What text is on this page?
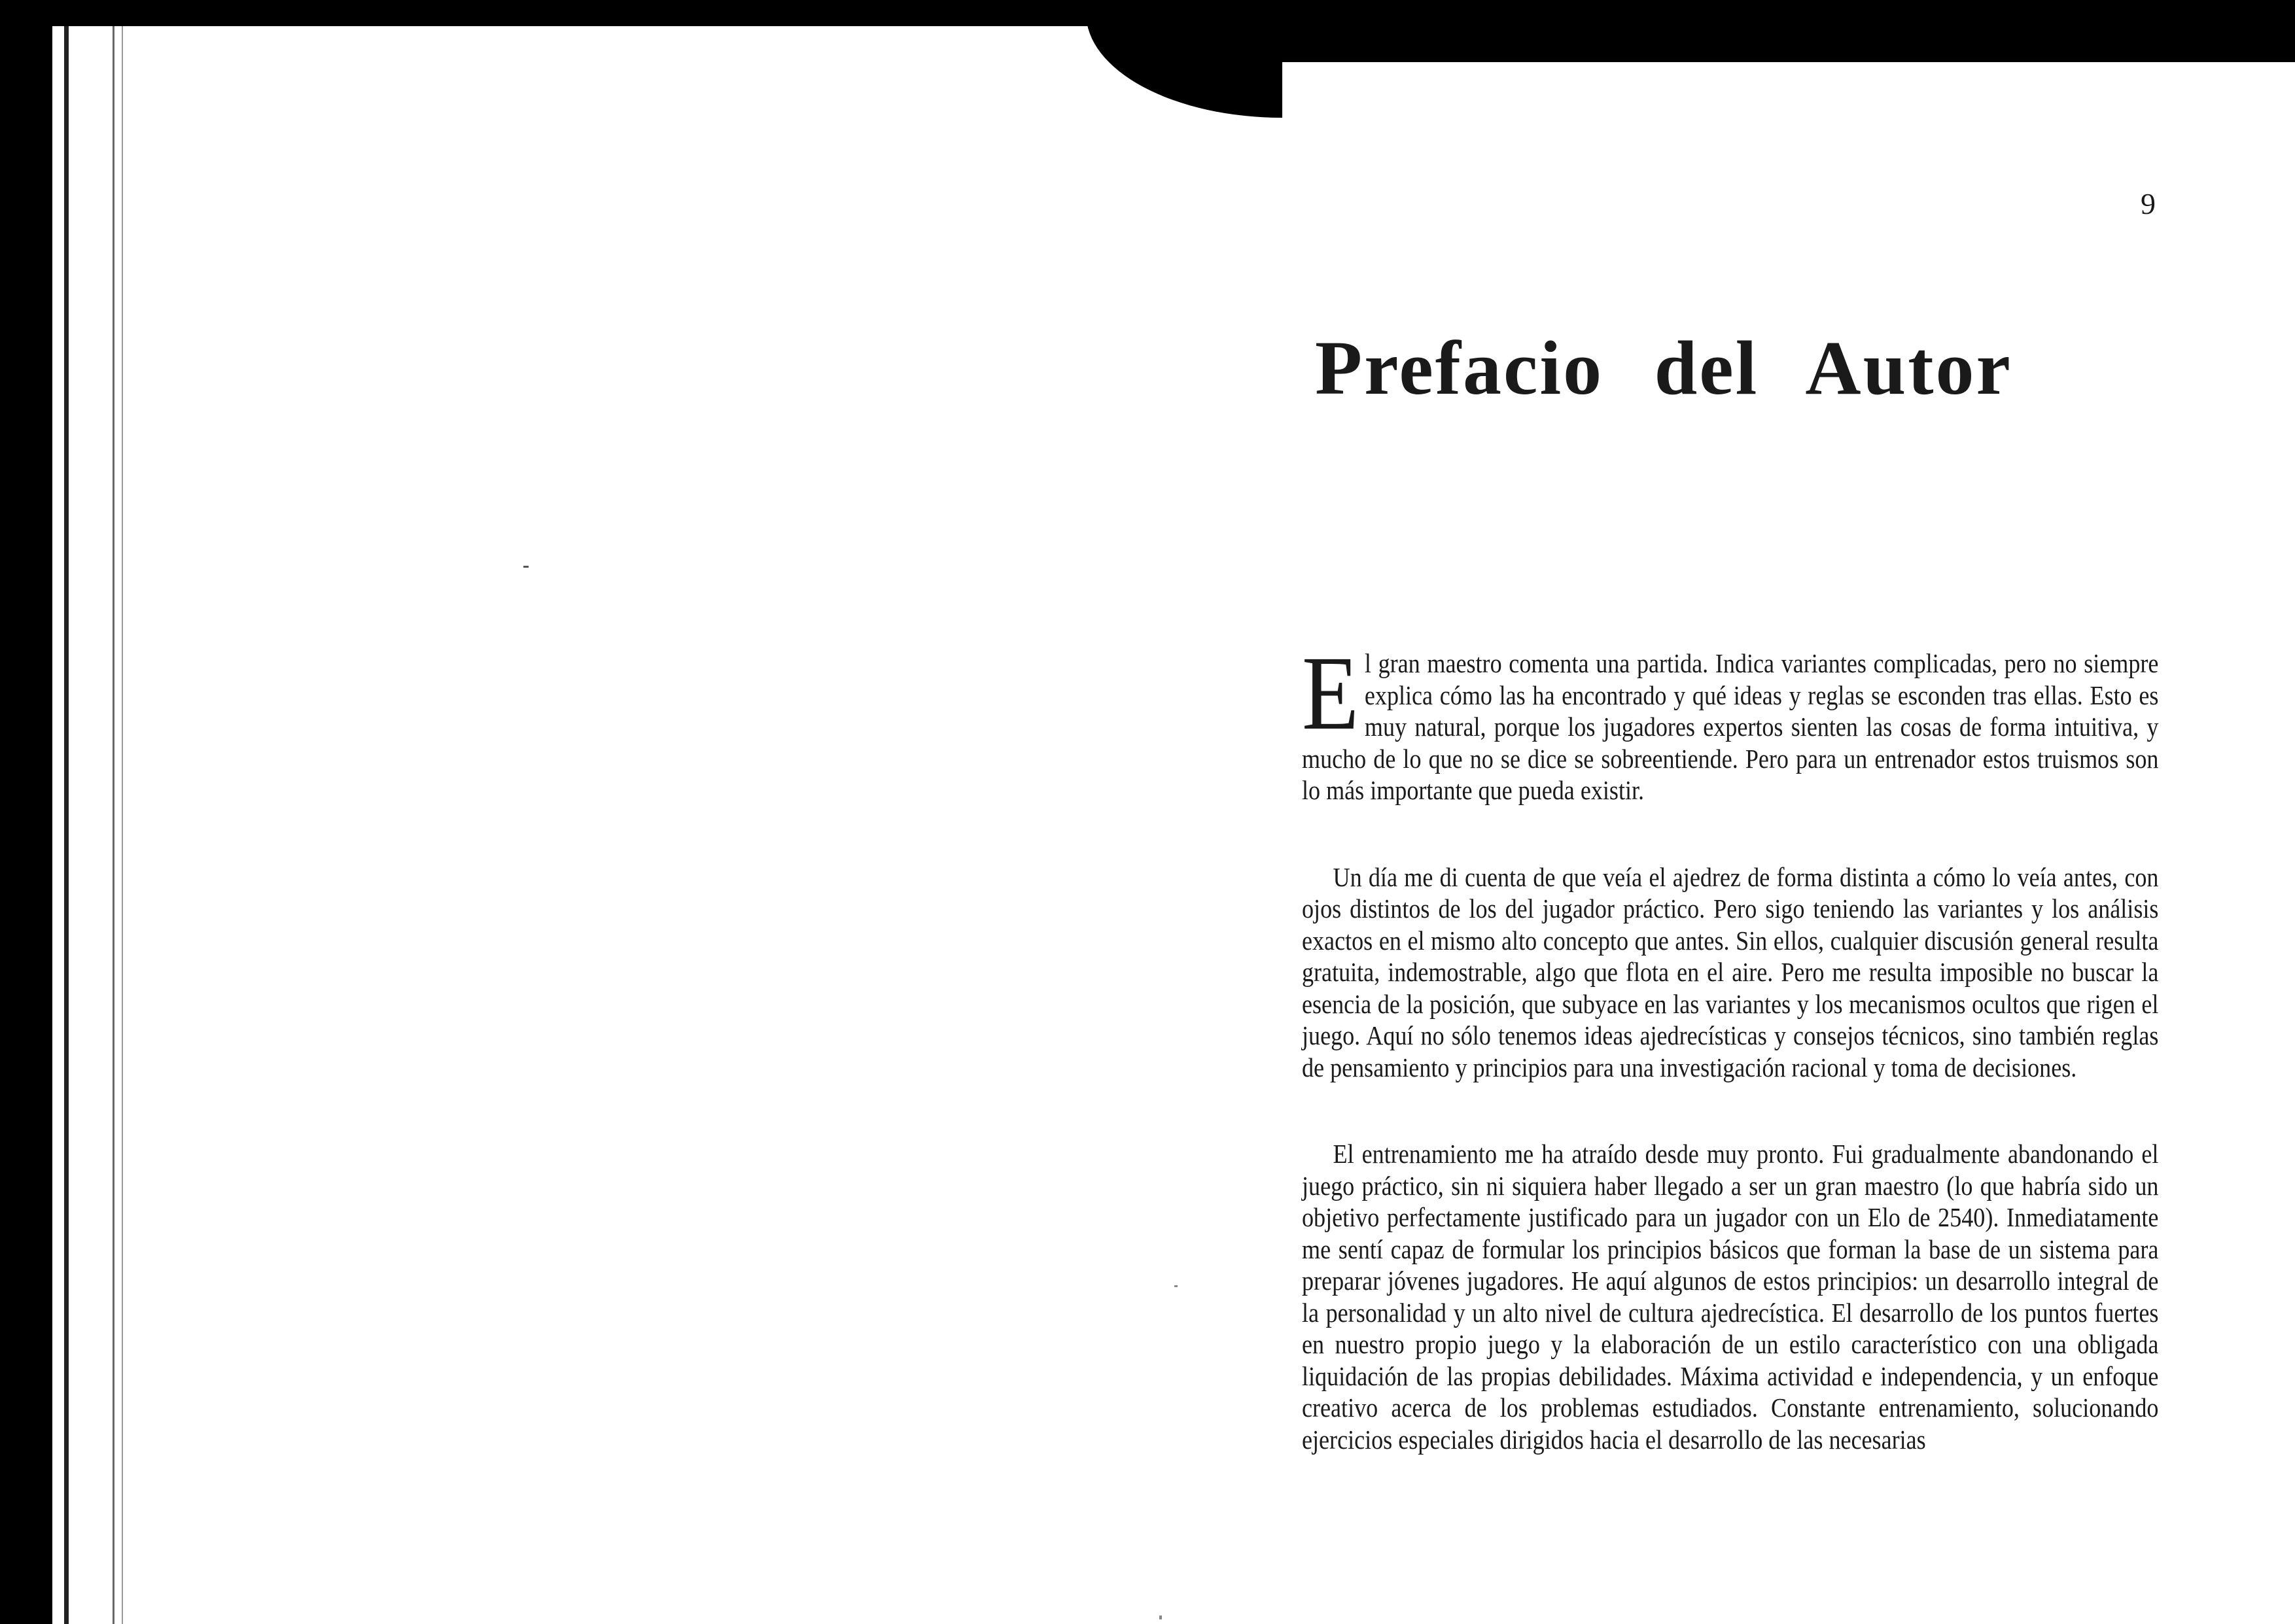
9
Prefacio del Autor

El gran maestro comenta una partida. Indica variantes complicadas, pero no siempre explica cómo las ha encontrado y qué ideas y reglas se esconden tras ellas. Esto es muy natural, porque los jugadores expertos sienten las cosas de forma intuitiva, y mucho de lo que no se dice se sobreentiende. Pero para un entrenador estos truismos son lo más importante que pueda existir.

Un día me di cuenta de que veía el ajedrez de forma distinta a cómo lo veía antes, con ojos distintos de los del jugador práctico. Pero sigo teniendo las variantes y los análisis exactos en el mismo alto concepto que antes. Sin ellos, cualquier discusión general resulta gratuita, indemostrable, algo que flota en el aire. Pero me resulta imposible no buscar la esencia de la posición, que subyace en las variantes y los mecanismos ocultos que rigen el juego. Aquí no sólo tenemos ideas ajedrecísticas y consejos técnicos, sino también reglas de pensamiento y principios para una investigación racional y toma de decisiones.

El entrenamiento me ha atraído desde muy pronto. Fui gradualmente abandonando el juego práctico, sin ni siquiera haber llegado a ser un gran maestro (lo que habría sido un objetivo perfectamente justificado para un jugador con un Elo de 2540). Inmediatamente me sentí capaz de formular los principios básicos que forman la base de un sistema para preparar jóvenes jugadores. He aquí algunos de estos principios: un desarrollo integral de la personalidad y un alto nivel de cultura ajedrecística. El desarrollo de los puntos fuertes en nuestro propio juego y la elaboración de un estilo característico con una obligada liquidación de las propias debilidades. Máxima actividad e independencia, y un enfoque creativo acerca de los problemas estudiados. Constante entrenamiento, solucionando ejercicios especiales dirigidos hacia el desarrollo de las necesarias
